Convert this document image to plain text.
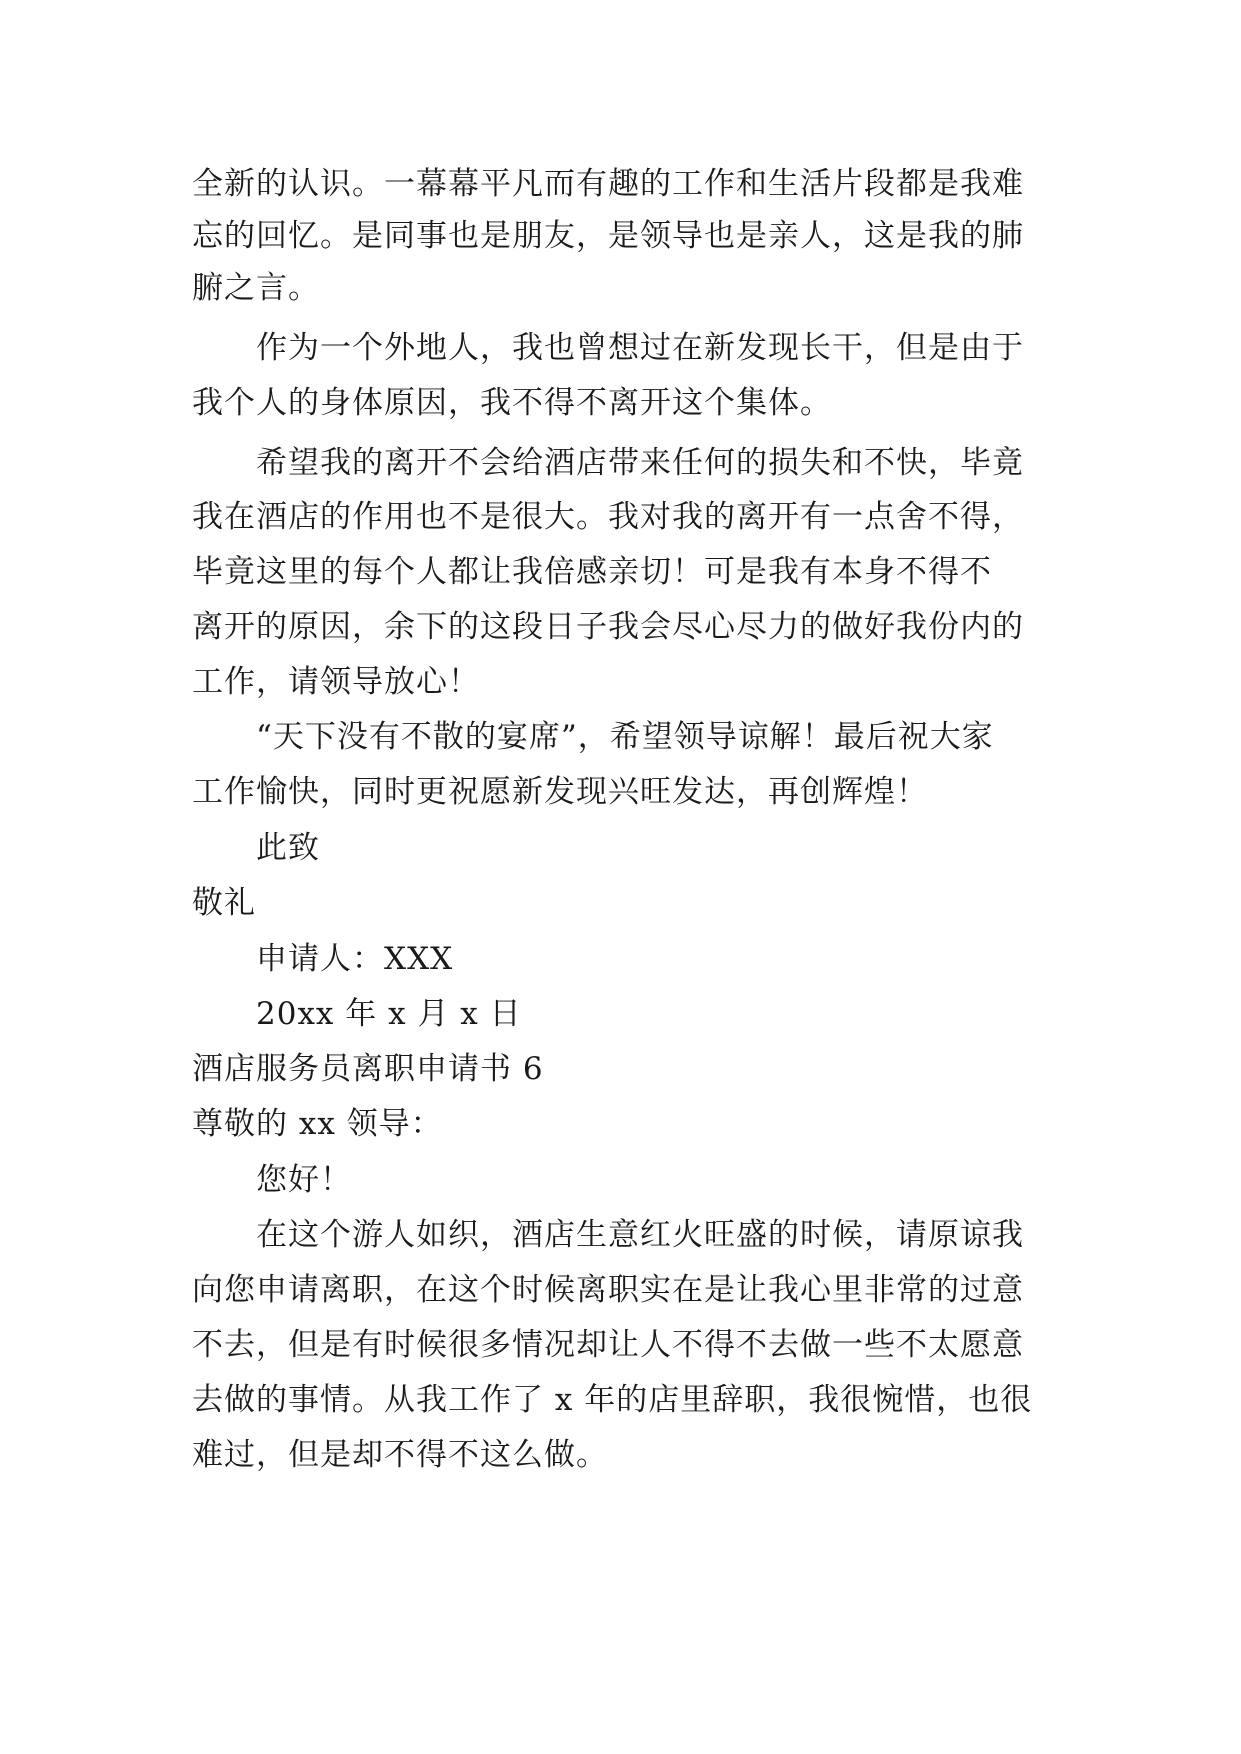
全新的认识。一幕幕平凡而有趣的工作和生活片段都是我难
忘的回忆。是同事也是朋友，是领导也是亲人，这是我的肺
腑之言。
作为一个外地人，我也曾想过在新发现长干，但是由于
我个人的身体原因，我不得不离开这个集体。
希望我的离开不会给酒店带来任何的损失和不快，毕竟
我在酒店的作用也不是很大。我对我的离开有一点舍不得，
毕竟这里的每个人都让我倍感亲切！可是我有本身不得不
离开的原因，余下的这段日子我会尽心尽力的做好我份内的
工作，请领导放心！
“天下没有不散的宴席”，希望领导谅解！最后祝大家
工作愉快，同时更祝愿新发现兴旺发达，再创辉煌！
此致
敬礼
申请人：XXX
20xx 年 x 月 x 日
酒店服务员离职申请书 6
尊敬的 xx 领导：
您好！
在这个游人如织，酒店生意红火旺盛的时候，请原谅我
向您申请离职，在这个时候离职实在是让我心里非常的过意
不去，但是有时候很多情况却让人不得不去做一些不太愿意
去做的事情。从我工作了 x 年的店里辞职，我很惋惜，也很
难过，但是却不得不这么做。
